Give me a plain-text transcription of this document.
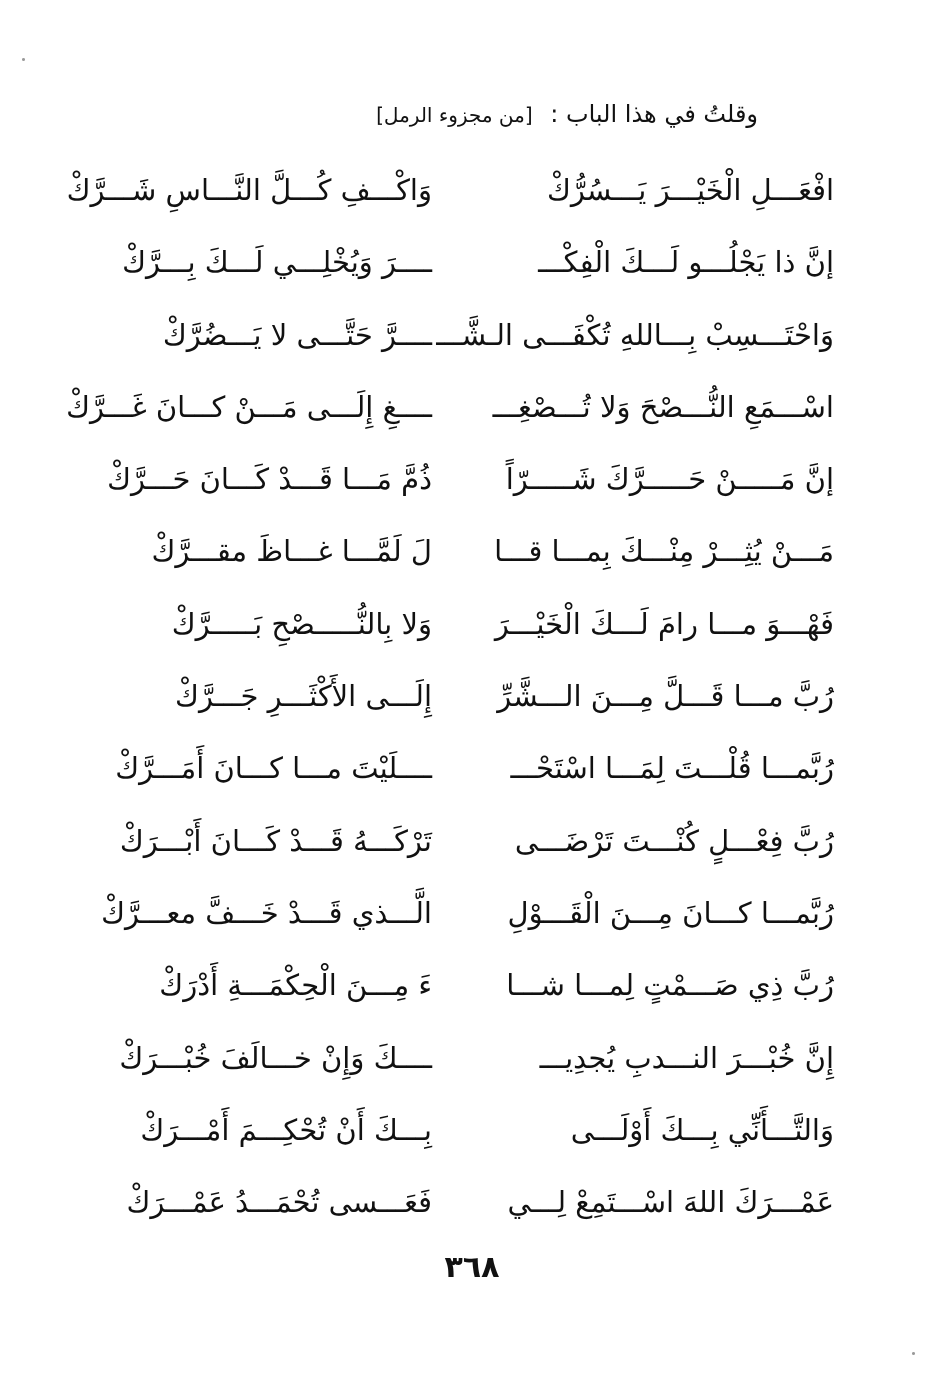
وقلتُ في هذا الباب : [من مجزوء الرمل]
افْعَـــلِ الْخَيْـــرَ يَـــسُرُّكْ
وَاكْـــفِ كُـــلَّ النَّـــاسِ شَـــرَّكْ
إنَّ ذا يَجْلُـــو لَـــكَ الْفِكْـــ
ــــرَ وَيُخْلِـــي لَـــكَ بِـــرَّكْ
وَاحْتَـــسِبْ بِـــاللهِ تُكْفَـــى الـشَّـــ
ــــرَّ حَتَّـــى لا يَـــضُرَّكْ
اسْـــمَعِ النُّـــصْحَ وَلا تُـــصْغِـــ
ــــغِ إِلَـــى مَـــنْ كـــانَ غَـــرَّكْ
إنَّ مَـــــنْ حَـــــرَّكَ شَـــــرّاً
ذُمَّ مَـــا قَـــدْ كَـــانَ حَـــرَّكْ
مَـــنْ يُثِـــرْ مِنْـــكَ بِمـــا قـــا
لَ لَمَّـــا غـــاظَ مقـــرَّكْ
فَهْـــوَ مـــا رامَ لَـــكَ الْخَيْـــرَ
وَلا بِالنُّـــــصْحِ بَـــــرَّكْ
رُبَّ مـــا قَـــلَّ مِـــنَ الـــشَّرِّ
إِلَـــى الأَكْثَـــرِ جَـــرَّكْ
رُبَّمـــا قُلْـــتَ لِمَـــا اسْتَحْـــ
ــــلَيْتَ مـــا كـــانَ أَمَـــرَّكْ
رُبَّ فِعْـــلٍ كُنْـــتَ تَرْضَـــى
تَرْكَـــهُ قَـــدْ كَـــانَ أَبْـــرَكْ
رُبَّمـــا كـــانَ مِـــنَ الْقَـــوْلِ
الَّـــذي قَـــدْ خَـــفَّ معـــرَّكْ
رُبَّ ذِي صَـــمْتٍ لِمـــا شـــا
ءَ مِـــنَ الْحِكْمَـــةِ أَدْرَكْ
إِنَّ خُبْـــرَ النـــدبِ يُجدِيـــ
ــــكَ وَإِنْ خـــالَفَ خُبْـــرَكْ
وَالتَّـــأَنِّي بِـــكَ أَوْلَـــى
بِـــكَ أَنْ تُحْكِـــمَ أَمْـــرَكْ
عَمْـــرَكَ اللهَ اسْـــتَمِعْ لِـــي
فَعَـــسى تُحْمَـــدُ عَمْـــرَكْ
٣٦٨
